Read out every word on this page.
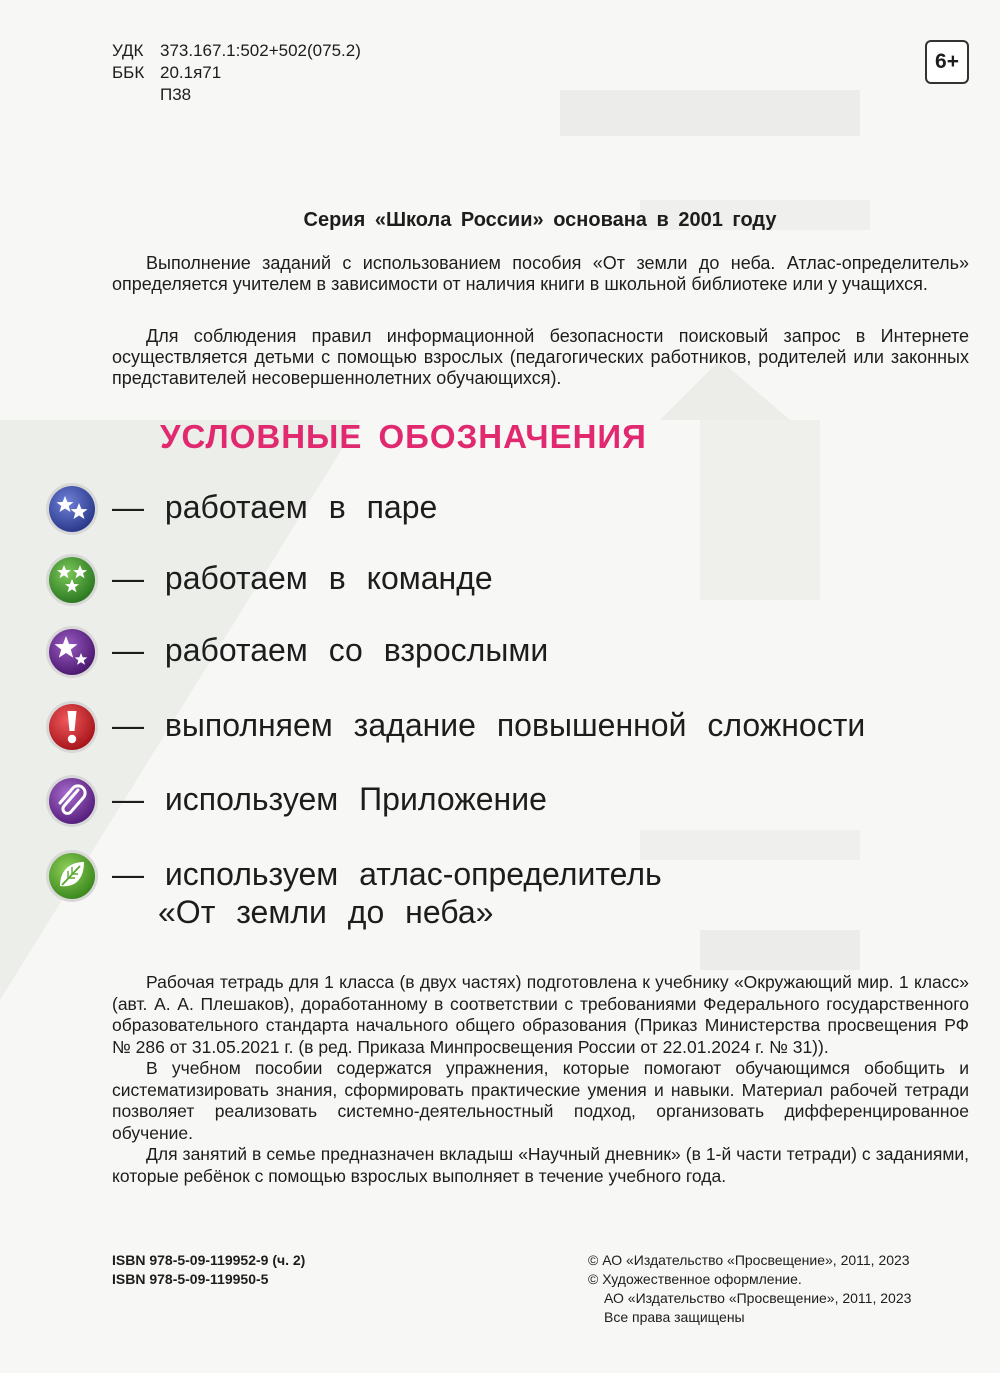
УДК 373.167.1:502+502(075.2)
ББК 20.1я71
П38
6+
Серия «Школа России» основана в 2001 году
Выполнение заданий с использованием пособия «От земли до неба. Атлас-определитель» определяется учителем в зависимости от наличия книги в школьной библиотеке или у учащихся.
Для соблюдения правил информационной безопасности поисковый запрос в Интернете осуществляется детьми с помощью взрослых (педагогических работников, родителей или законных представителей несовершеннолетних обучающихся).
УСЛОВНЫЕ ОБОЗНАЧЕНИЯ
— работаем в паре
— работаем в команде
— работаем со взрослыми
— выполняем задание повышенной сложности
— используем Приложение
— используем атлас-определитель
«От земли до неба»

Рабочая тетрадь для 1 класса (в двух частях) подготовлена к учебнику «Окружающий мир. 1 класс» (авт. А. А. Плешаков), доработанному в соответствии с требованиями Федерального государственного образовательного стандарта начального общего образования (Приказ Министерства просвещения РФ № 286 от 31.05.2021 г. (в ред. Приказа Минпросвещения России от 22.01.2024 г. № 31)).

В учебном пособии содержатся упражнения, которые помогают обучающимся обобщить и систематизировать знания, сформировать практические умения и навыки. Материал рабочей тетради позволяет реализовать системно-деятельностный подход, организовать дифференцированное обучение.

Для занятий в семье предназначен вкладыш «Научный дневник» (в 1-й части тетради) с заданиями, которые ребёнок с помощью взрослых выполняет в течение учебного года.

ISBN 978-5-09-119952-9 (ч. 2)
ISBN 978-5-09-119950-5
© АО «Издательство «Просвещение», 2011, 2023
© Художественное оформление.
АО «Издательство «Просвещение», 2011, 2023
Все права защищены
